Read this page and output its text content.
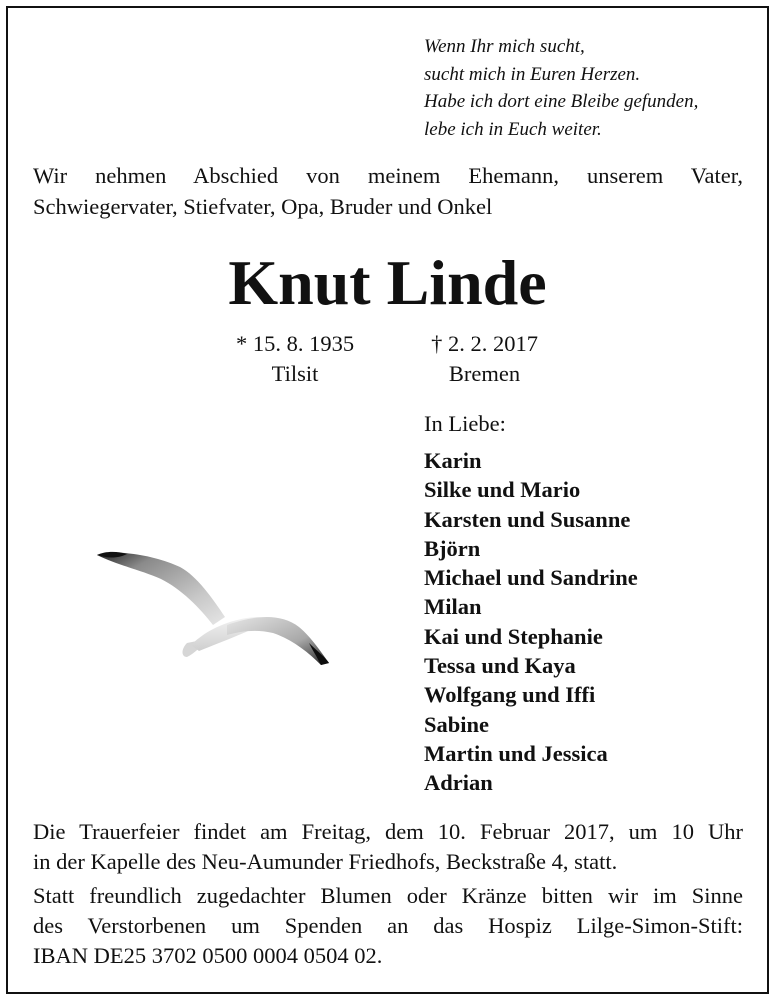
Wenn Ihr mich sucht,
sucht mich in Euren Herzen.
Habe ich dort eine Bleibe gefunden,
lebe ich in Euch weiter.
Wir nehmen Abschied von meinem Ehemann, unserem Vater,
Schwiegervater, Stiefvater, Opa, Bruder und Onkel
Knut Linde
* 15. 8. 1935	† 2. 2. 2017
Tilsit	Bremen
In Liebe:
Karin
Silke und Mario
Karsten und Susanne
Björn
Michael und Sandrine
Milan
Kai und Stephanie
Tessa und Kaya
Wolfgang und Iffi
Sabine
Martin und Jessica
Adrian
Die Trauerfeier findet am Freitag, dem 10. Februar 2017, um 10 Uhr
in der Kapelle des Neu-Aumunder Friedhofs, Beckstraße 4, statt.
Statt freundlich zugedachter Blumen oder Kränze bitten wir im Sinne
des Verstorbenen um Spenden an das Hospiz Lilge-Simon-Stift:
IBAN DE25 3702 0500 0004 0504 02.
